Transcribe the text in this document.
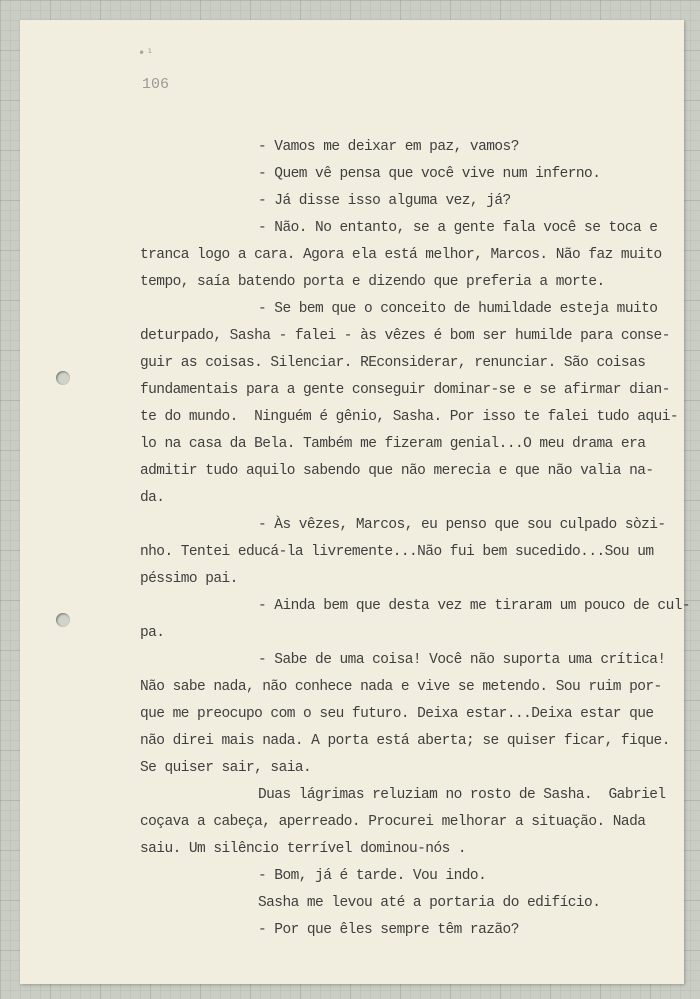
•¹
106
- Vamos me deixar em paz, vamos?
- Quem vê pensa que você vive num inferno.
- Já disse isso alguma vez, já?
- Não. No entanto, se a gente fala você se toca e
tranca logo a cara. Agora ela está melhor, Marcos. Não faz muito
tempo, saía batendo porta e dizendo que preferia a morte.
- Se bem que o conceito de humildade esteja muito
deturpado, Sasha - falei - às vêzes é bom ser humilde para conse-
guir as coisas. Silenciar. REconsiderar, renunciar. São coisas
fundamentais para a gente conseguir dominar-se e se afirmar dian-
te do mundo.  Ninguém é gênio, Sasha. Por isso te falei tudo aqui-
lo na casa da Bela. Também me fizeram genial...O meu drama era
admitir tudo aquilo sabendo que não merecia e que não valia na-
da.
- Às vêzes, Marcos, eu penso que sou culpado sòzi-
nho. Tentei educá-la livremente...Não fui bem sucedido...Sou um
péssimo pai.
- Ainda bem que desta vez me tiraram um pouco de cul-
pa.
- Sabe de uma coisa! Você não suporta uma crítica!
Não sabe nada, não conhece nada e vive se metendo. Sou ruim por-
que me preocupo com o seu futuro. Deixa estar...Deixa estar que
não direi mais nada. A porta está aberta; se quiser ficar, fique.
Se quiser sair, saia.
Duas lágrimas reluziam no rosto de Sasha.  Gabriel
coçava a cabeça, aperreado. Procurei melhorar a situação. Nada
saiu. Um silêncio terrível dominou-nós .
- Bom, já é tarde. Vou indo.
Sasha me levou até a portaria do edifício.
- Por que êles sempre têm razão?
